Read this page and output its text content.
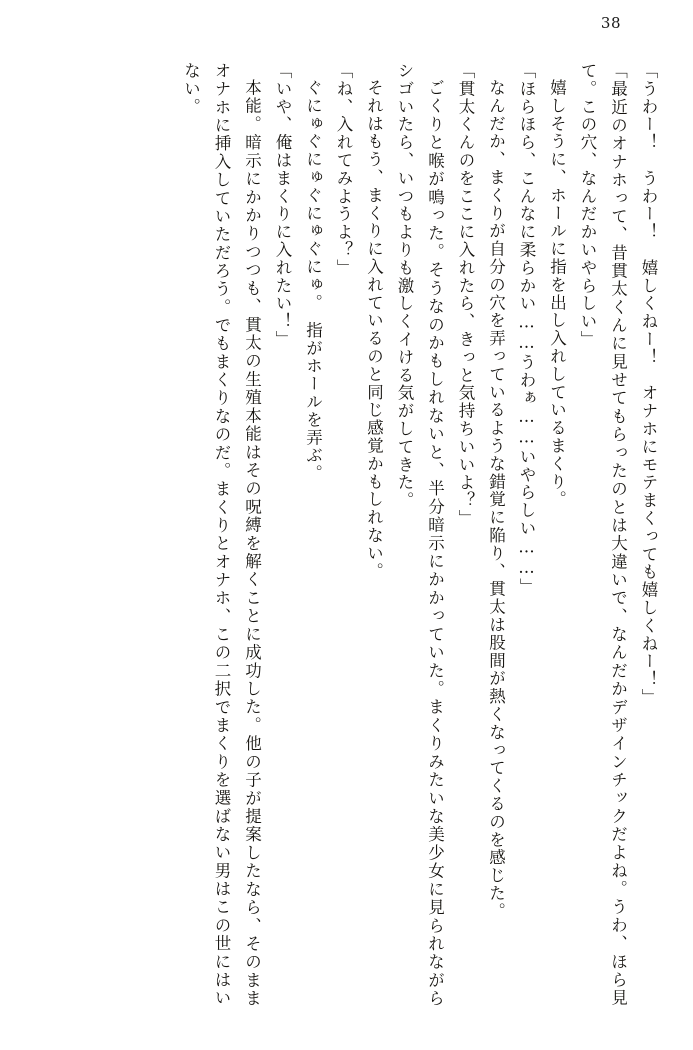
38
「うわー！　うわー！　嬉しくねー！　オナホにモテまくっても嬉しくねー！」
「最近のオナホって、昔貫太くんに見せてもらったのとは大違いで、なんだかデザインチックだよね。うわ、ほら見て。この穴、なんだかいやらしい」
嬉しそうに、ホールに指を出し入れしているまくり。
「ほらほら、こんなに柔らかい……うわぁ……いやらしい……」
なんだか、まくりが自分の穴を弄っているような錯覚に陥り、貫太は股間が熱くなってくるのを感じた。
「貫太くんのをここに入れたら、きっと気持ちいいよ？」
ごくりと喉が鳴った。そうなのかもしれないと、半分暗示にかかっていた。まくりみたいな美少女に見られながらシゴいたら、いつもよりも激しくイける気がしてきた。
それはもう、まくりに入れているのと同じ感覚かもしれない。
「ね、入れてみようよ？」
ぐにゅぐにゅぐにゅぐにゅ。　指がホールを弄ぶ。
「いや、俺はまくりに入れたい！」
本能。暗示にかかりつつも、貫太の生殖本能はその呪縛を解くことに成功した。他の子が提案したなら、そのままオナホに挿入していただろう。でもまくりなのだ。まくりとオナホ、この二択でまくりを選ばない男はこの世にはいない。
